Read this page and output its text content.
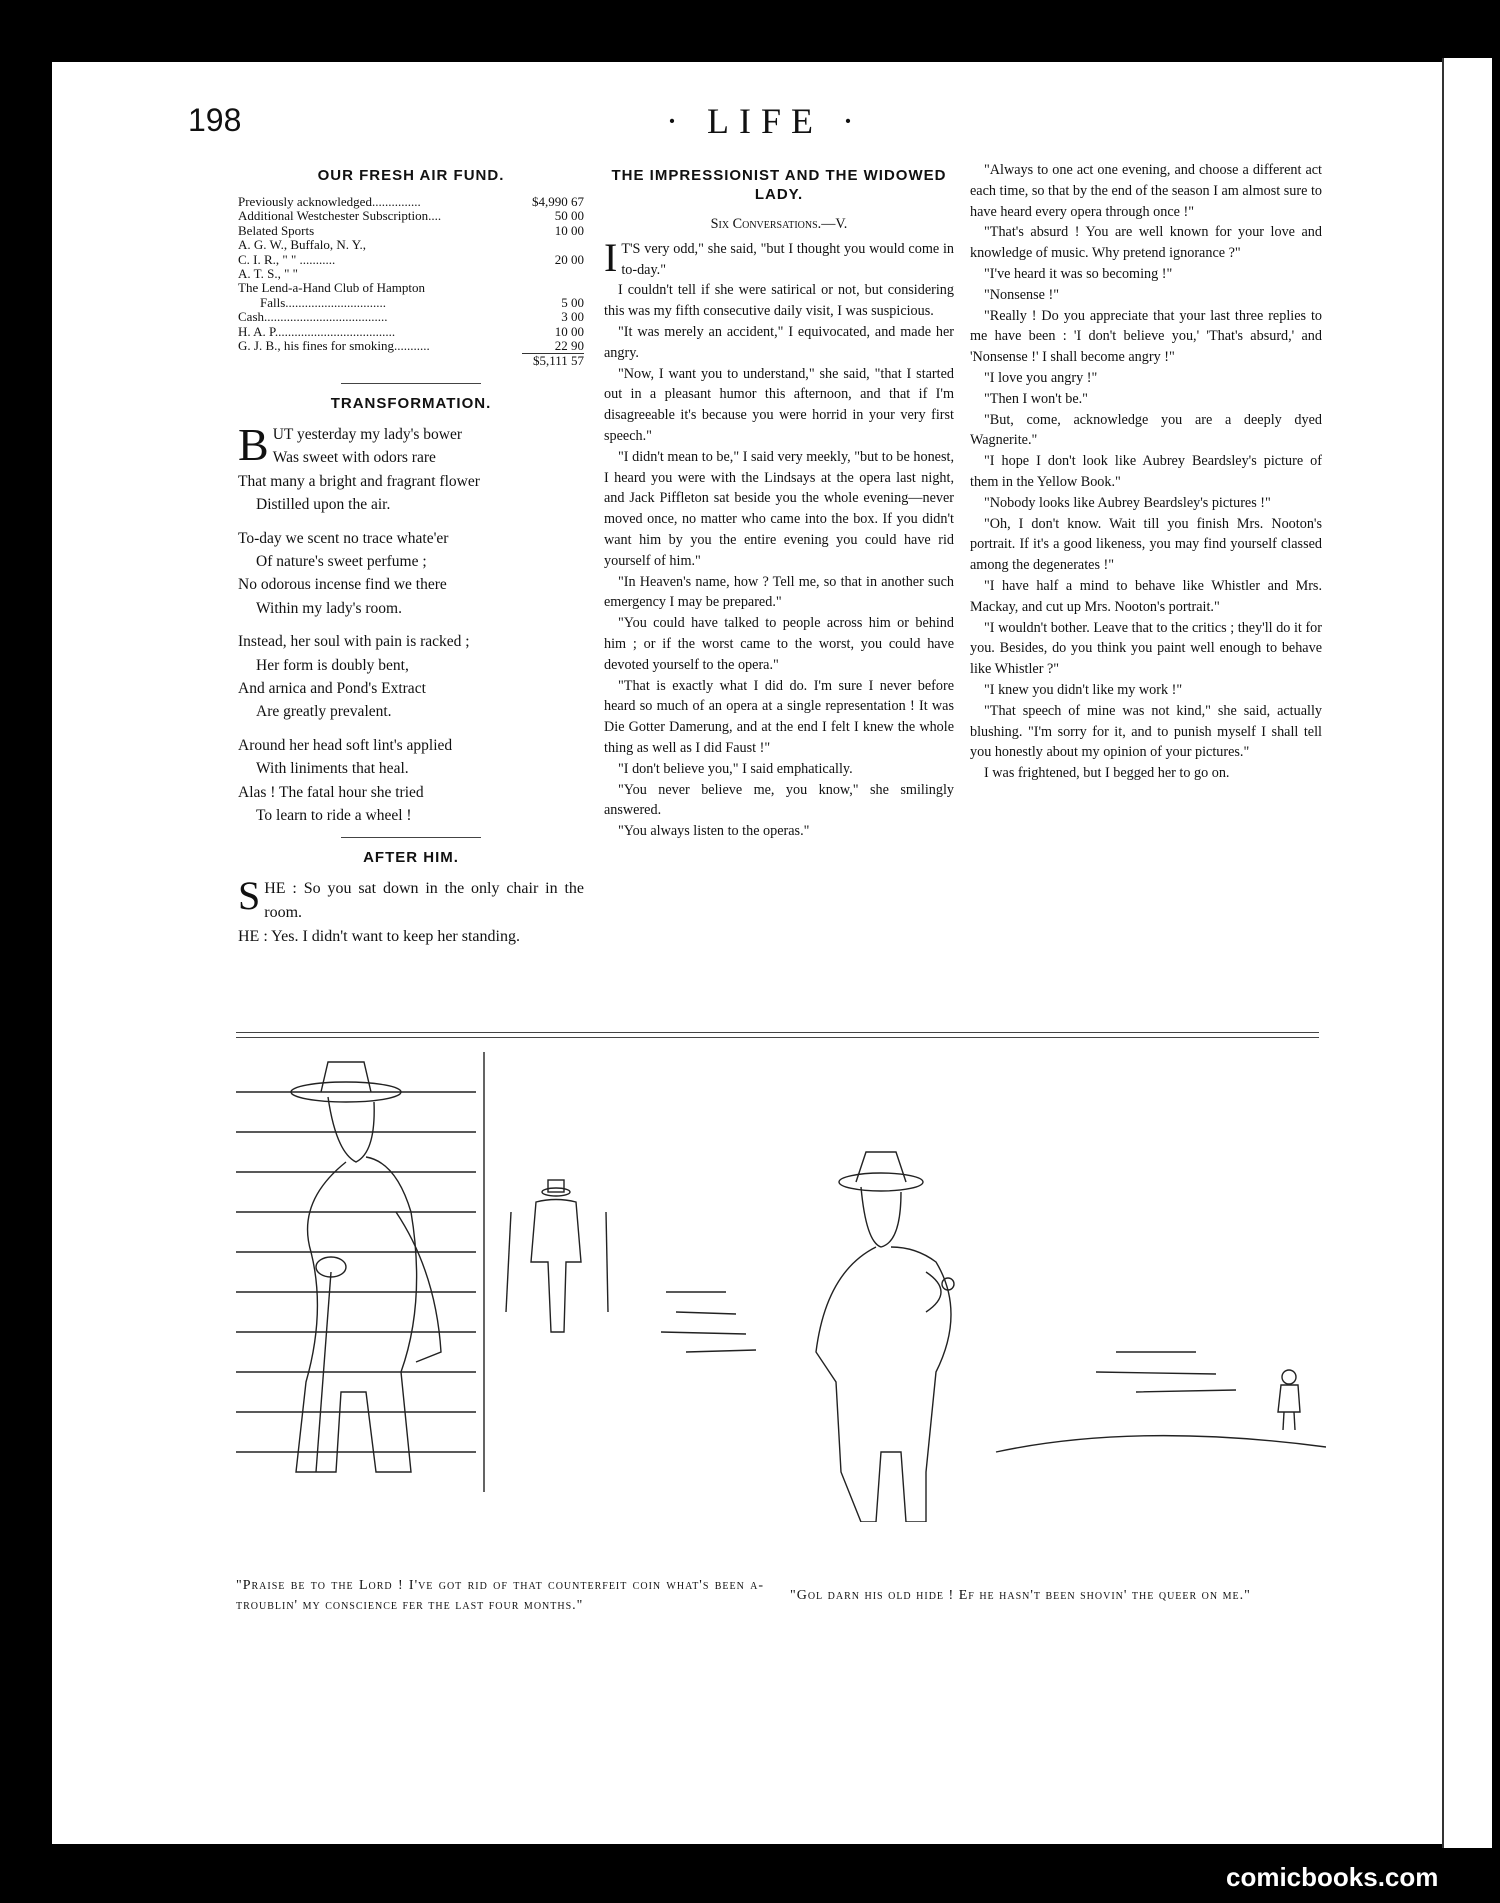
198	· LIFE ·
OUR FRESH AIR FUND.
Previously acknowledged...............	$4,990 67
Additional Westchester Subscription....	50 00
Belated Sports	10 00
A. G. W., Buffalo, N. Y.,
C. I. R., " " ...........	20 00
A. T. S., " "
The Lend-a-Hand Club of Hampton
Falls...............................	5 00
Cash......................................	3 00
H. A. P.....................................	10 00
G. J. B., his fines for smoking...........	22 90
$5,111 57
TRANSFORMATION.

B UT yesterday my lady's bower
Was sweet with odors rare
That many a bright and fragrant flower
Distilled upon the air.

To-day we scent no trace whate'er
Of nature's sweet perfume ;
No odorous incense find we there
Within my lady's room.

Instead, her soul with pain is racked ;
Her form is doubly bent,
And arnica and Pond's Extract
Are greatly prevalent.

Around her head soft lint's applied
With liniments that heal.
Alas ! The fatal hour she tried
To learn to ride a wheel !

AFTER HIM.

SHE : So you sat down in the only chair in the room.

HE : Yes. I didn't want to keep her standing.

THE IMPRESSIONIST AND THE WIDOWED LADY.
Six Conversations.—V.

I T'S very odd," she said, "but I thought you would come in to-day."

I couldn't tell if she were satirical or not, but considering this was my fifth consecutive daily visit, I was suspicious.

"It was merely an accident," I equivocated, and made her angry.

"Now, I want you to understand," she said, "that I started out in a pleasant humor this afternoon, and that if I'm disagreeable it's because you were horrid in your very first speech."

"I didn't mean to be," I said very meekly, "but to be honest, I heard you were with the Lindsays at the opera last night, and Jack Piffleton sat beside you the whole evening—never moved once, no matter who came into the box. If you didn't want him by you the entire evening you could have rid yourself of him."

"In Heaven's name, how ? Tell me, so that in another such emergency I may be prepared."

"You could have talked to people across him or behind him ; or if the worst came to the worst, you could have devoted yourself to the opera."

"That is exactly what I did do. I'm sure I never before heard so much of an opera at a single representation ! It was Die Gotter Damerung, and at the end I felt I knew the whole thing as well as I did Faust !"

"I don't believe you," I said emphatically.

"You never believe me, you know," she smilingly answered.

"You always listen to the operas."

"Always to one act one evening, and choose a different act each time, so that by the end of the season I am almost sure to have heard every opera through once !"

"That's absurd ! You are well known for your love and knowledge of music. Why pretend ignorance ?"

"I've heard it was so becoming !"

"Nonsense !"

"Really ! Do you appreciate that your last three replies to me have been : 'I don't believe you,' 'That's absurd,' and 'Nonsense !' I shall become angry !"

"I love you angry !"

"Then I won't be."

"But, come, acknowledge you are a deeply dyed Wagnerite."

"I hope I don't look like Aubrey Beardsley's picture of them in the Yellow Book."

"Nobody looks like Aubrey Beardsley's pictures !"

"Oh, I don't know. Wait till you finish Mrs. Nooton's portrait. If it's a good likeness, you may find yourself classed among the degenerates !"

"I have half a mind to behave like Whistler and Mrs. Mackay, and cut up Mrs. Nooton's portrait."

"I wouldn't bother. Leave that to the critics ; they'll do it for you. Besides, do you think you paint well enough to behave like Whistler ?"

"I knew you didn't like my work !"

"That speech of mine was not kind," she said, actually blushing. "I'm sorry for it, and to punish myself I shall tell you honestly about my opinion of your pictures."

I was frightened, but I begged her to go on.

"Praise be to the Lord ! I've got rid of that counterfeit coin what's been a-troublin' my conscience fer the last four months."
"Gol darn his old hide ! Ef he hasn't been shovin' the queer on me."
comicbooks.com
